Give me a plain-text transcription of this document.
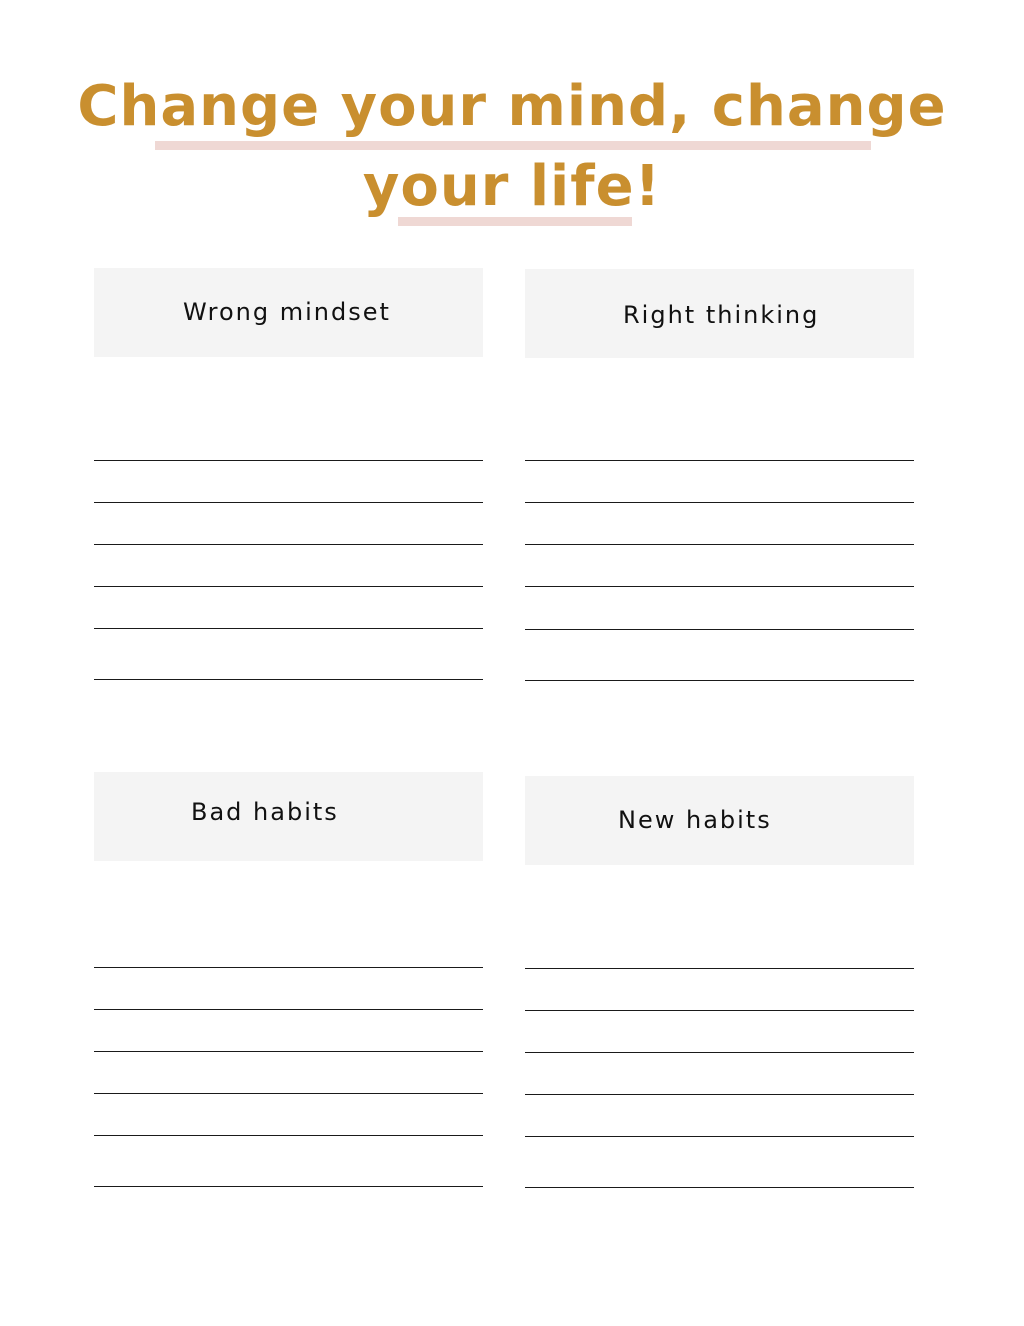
Change your mind, change
your life!
Wrong mindset	Right thinking
Bad habits	New habits
